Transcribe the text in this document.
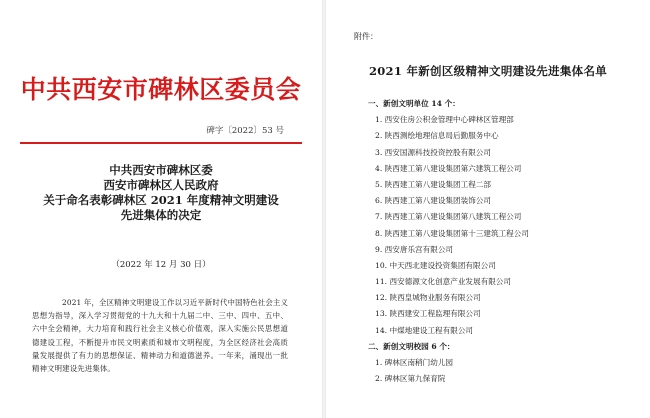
中共西安市碑林区委员会
碑字〔2022〕53 号
中共西安市碑林区委
西安市碑林区人民政府
关于命名表彰碑林区 2021 年度精神文明建设
先进集体的决定
（2022 年 12 月 30 日）
2021 年，全区精神文明建设工作以习近平新时代中国特色社会主义思想为指导，深入学习贯彻党的十九大和十九届二中、三中、四中、五中、六中全会精神，大力培育和践行社会主义核心价值观，深入实施公民思想道德建设工程，不断提升市民文明素质和城市文明程度，为全区经济社会高质量发展提供了有力的思想保证、精神动力和道德滋养。一年来，涌现出一批精神文明建设先进集体。
附件：
2021 年新创区级精神文明建设先进集体名单
一、新创文明单位 14 个：
1. 西安住房公积金管理中心碑林区管理部
2. 陕西测绘地理信息局后勤服务中心
3. 西安国源科技投资控股有限公司
4. 陕西建工第八建设集团第六建筑工程公司
5. 陕西建工第八建设集团工程二部
6. 陕西建工第八建设集团装饰公司
7. 陕西建工第八建设集团第八建筑工程公司
8. 陕西建工第八建设集团第十三建筑工程公司
9. 西安唐乐宫有限公司
10. 中天西北建设投资集团有限公司
11. 西安德源文化创意产业发展有限公司
12. 陕西皇城物业服务有限公司
13. 陕西建安工程监理有限公司
14. 中煤地建设工程有限公司
二、新创文明校园 6 个：
1. 碑林区南稍门幼儿园
2. 碑林区第九保育院
